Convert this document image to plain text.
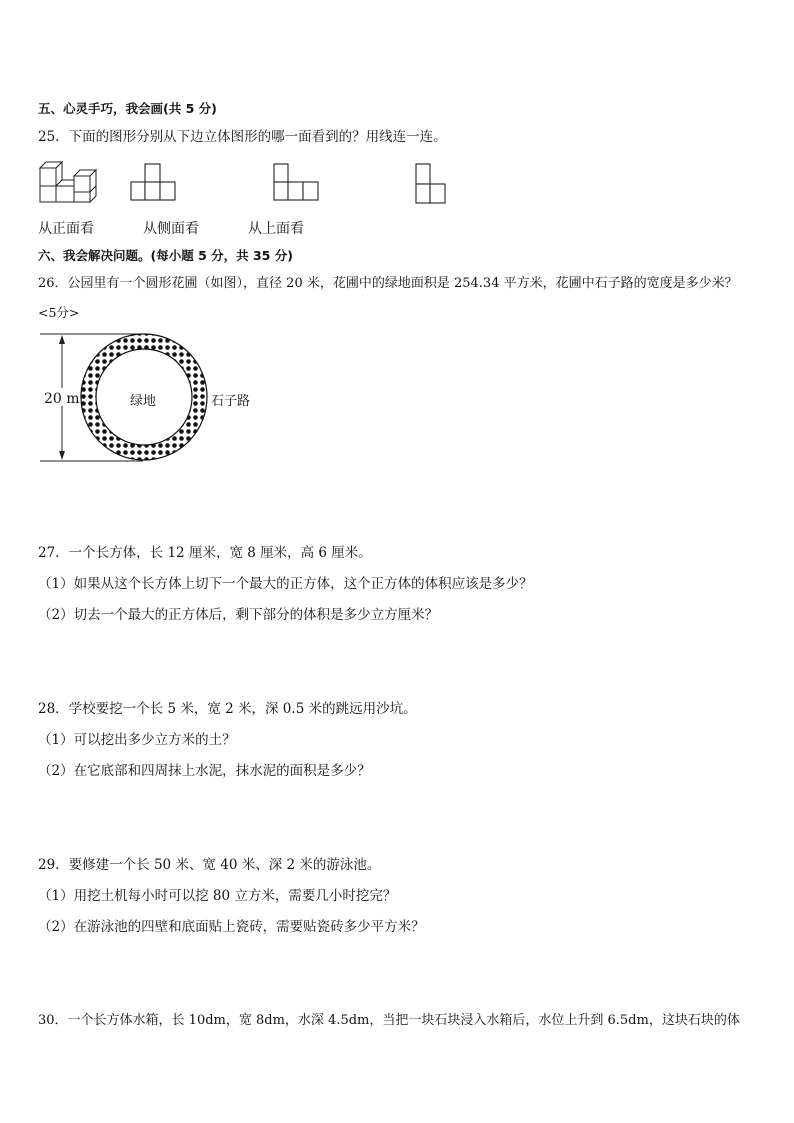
五、心灵手巧，我会画(共 5 分)
25．下面的图形分别从下边立体图形的哪一面看到的？用线连一连。
从正面看	从侧面看	从上面看
六、我会解决问题。(每小题 5 分，共 35 分)
26．公园里有一个圆形花圃（如图），直径 20 米，花圃中的绿地面积是 254.34 平方米，花圃中石子路的宽度是多少米？
<5分>
20 m	绿地	石子路
27．一个长方体，长 12 厘米，宽 8 厘米，高 6 厘米。
（1）如果从这个长方体上切下一个最大的正方体，这个正方体的体积应该是多少？
（2）切去一个最大的正方体后，剩下部分的体积是多少立方厘米？
28．学校要挖一个长 5 米，宽 2 米，深 0.5 米的跳远用沙坑。
（1）可以挖出多少立方米的土？
（2）在它底部和四周抹上水泥，抹水泥的面积是多少？
29．要修建一个长 50 米、宽 40 米、深 2 米的游泳池。
（1）用挖土机每小时可以挖 80 立方米，需要几小时挖完？
（2）在游泳池的四壁和底面贴上瓷砖，需要贴瓷砖多少平方米？
30．一个长方体水箱，长 10dm，宽 8dm，水深 4.5dm，当把一块石块浸入水箱后，水位上升到 6.5dm，这块石块的体
